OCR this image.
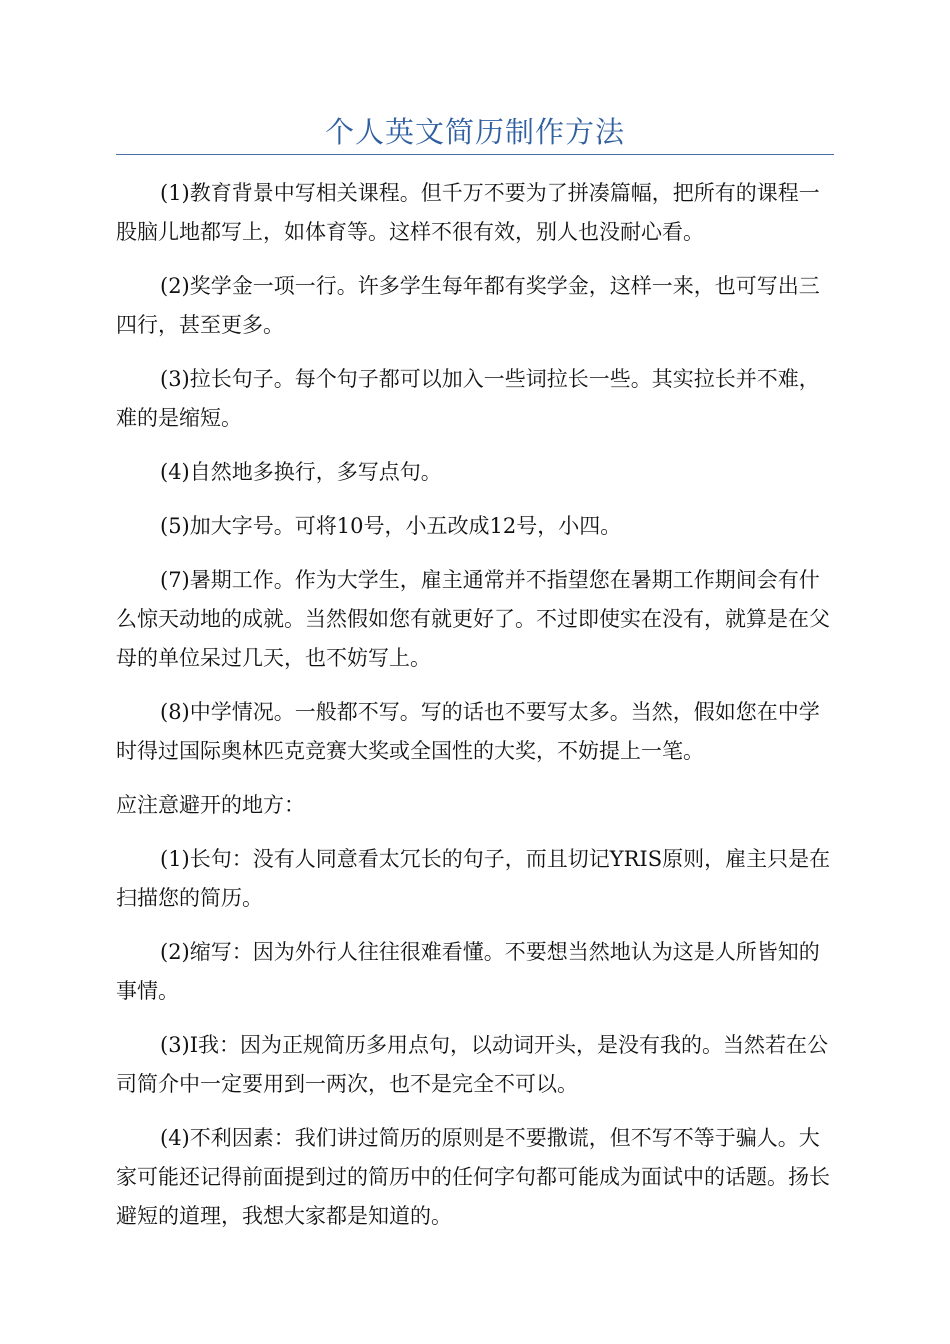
个人英文简历制作方法

(1)教育背景中写相关课程。但千万不要为了拼凑篇幅，把所有的课程一股脑儿地都写上，如体育等。这样不很有效，别人也没耐心看。

(2)奖学金一项一行。许多学生每年都有奖学金，这样一来，也可写出三四行，甚至更多。

(3)拉长句子。每个句子都可以加入一些词拉长一些。其实拉长并不难，难的是缩短。

(4)自然地多换行，多写点句。

(5)加大字号。可将10号，小五改成12号，小四。

(7)暑期工作。作为大学生，雇主通常并不指望您在暑期工作期间会有什么惊天动地的成就。当然假如您有就更好了。不过即使实在没有，就算是在父母的单位呆过几天，也不妨写上。

(8)中学情况。一般都不写。写的话也不要写太多。当然，假如您在中学时得过国际奥林匹克竞赛大奖或全国性的大奖，不妨提上一笔。

应注意避开的地方：

(1)长句：没有人同意看太冗长的句子，而且切记YRIS原则，雇主只是在扫描您的简历。

(2)缩写：因为外行人往往很难看懂。不要想当然地认为这是人所皆知的事情。

(3)I我：因为正规简历多用点句，以动词开头，是没有我的。当然若在公司简介中一定要用到一两次，也不是完全不可以。

(4)不利因素：我们讲过简历的原则是不要撒谎，但不写不等于骗人。大家可能还记得前面提到过的简历中的任何字句都可能成为面试中的话题。扬长避短的道理，我想大家都是知道的。
